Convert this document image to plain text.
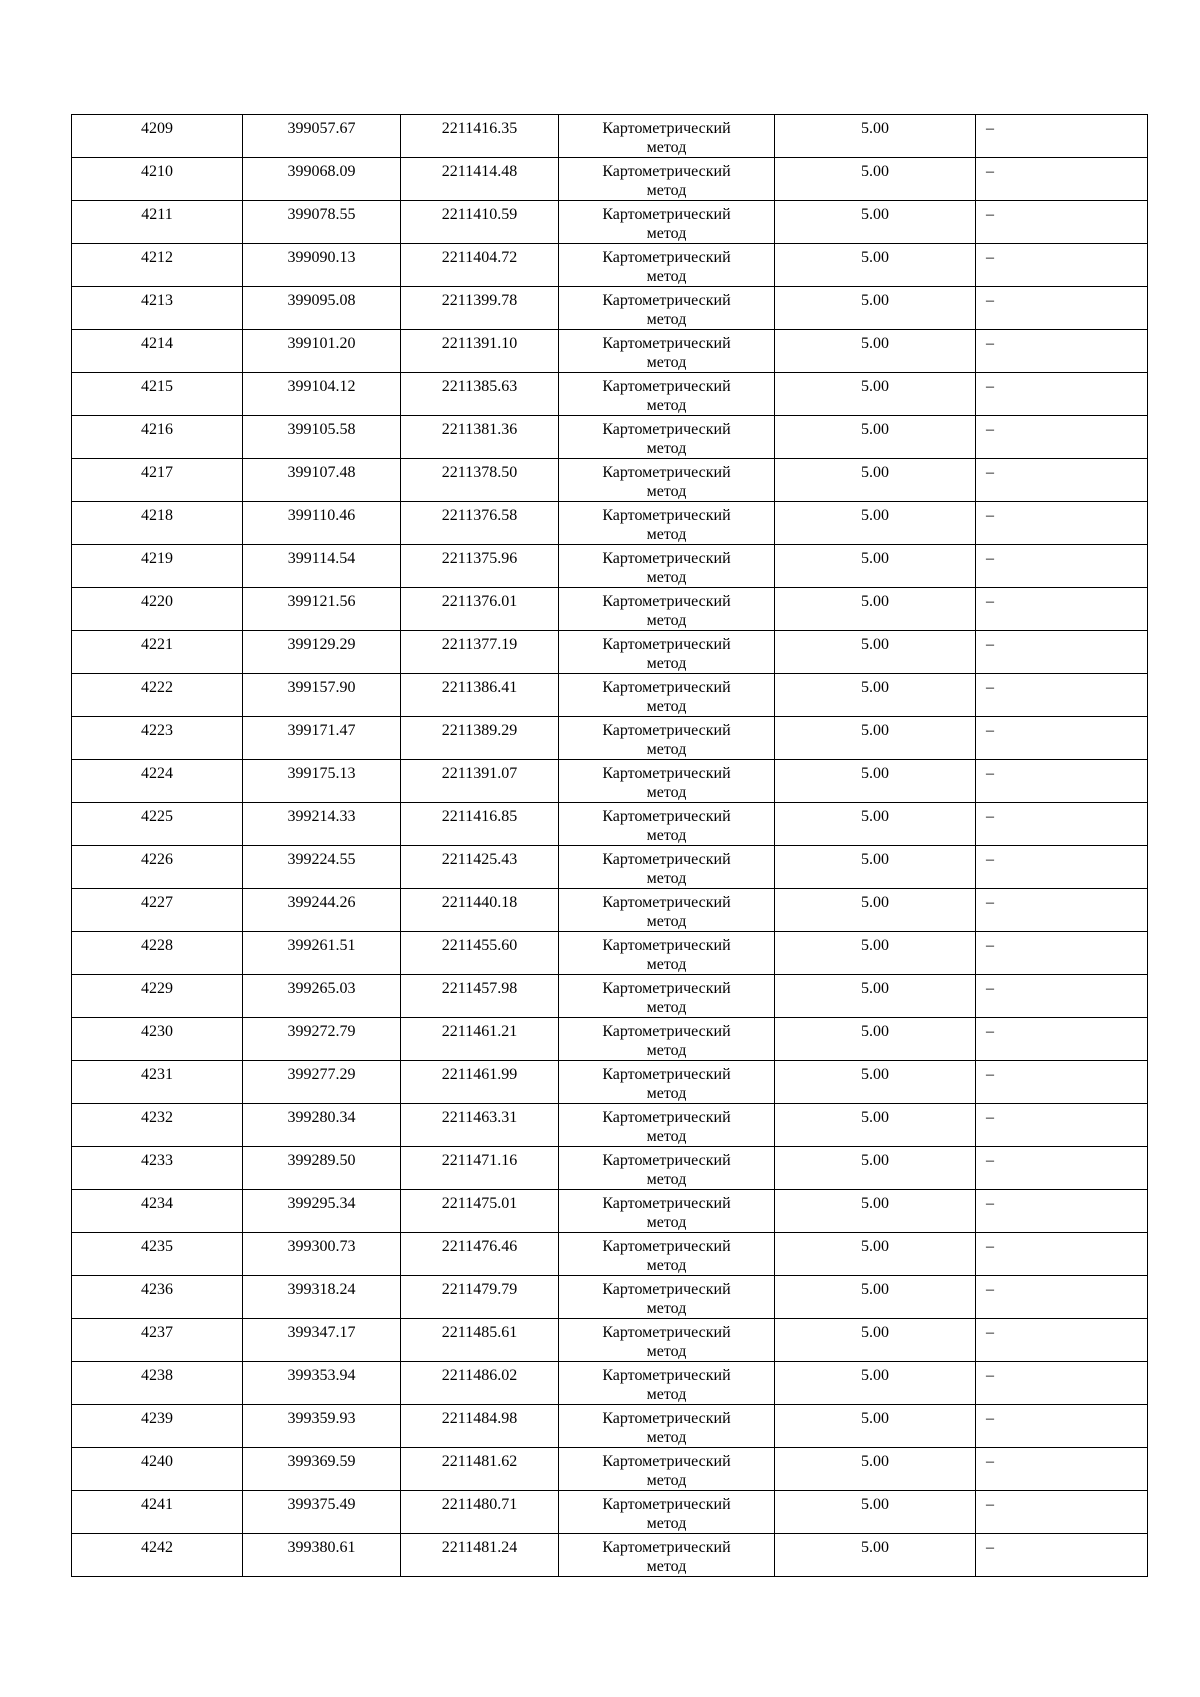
4209	399057.67	2211416.35	Картометрический
метод	5.00	–
4210	399068.09	2211414.48	Картометрический
метод	5.00	–
4211	399078.55	2211410.59	Картометрический
метод	5.00	–
4212	399090.13	2211404.72	Картометрический
метод	5.00	–
4213	399095.08	2211399.78	Картометрический
метод	5.00	–
4214	399101.20	2211391.10	Картометрический
метод	5.00	–
4215	399104.12	2211385.63	Картометрический
метод	5.00	–
4216	399105.58	2211381.36	Картометрический
метод	5.00	–
4217	399107.48	2211378.50	Картометрический
метод	5.00	–
4218	399110.46	2211376.58	Картометрический
метод	5.00	–
4219	399114.54	2211375.96	Картометрический
метод	5.00	–
4220	399121.56	2211376.01	Картометрический
метод	5.00	–
4221	399129.29	2211377.19	Картометрический
метод	5.00	–
4222	399157.90	2211386.41	Картометрический
метод	5.00	–
4223	399171.47	2211389.29	Картометрический
метод	5.00	–
4224	399175.13	2211391.07	Картометрический
метод	5.00	–
4225	399214.33	2211416.85	Картометрический
метод	5.00	–
4226	399224.55	2211425.43	Картометрический
метод	5.00	–
4227	399244.26	2211440.18	Картометрический
метод	5.00	–
4228	399261.51	2211455.60	Картометрический
метод	5.00	–
4229	399265.03	2211457.98	Картометрический
метод	5.00	–
4230	399272.79	2211461.21	Картометрический
метод	5.00	–
4231	399277.29	2211461.99	Картометрический
метод	5.00	–
4232	399280.34	2211463.31	Картометрический
метод	5.00	–
4233	399289.50	2211471.16	Картометрический
метод	5.00	–
4234	399295.34	2211475.01	Картометрический
метод	5.00	–
4235	399300.73	2211476.46	Картометрический
метод	5.00	–
4236	399318.24	2211479.79	Картометрический
метод	5.00	–
4237	399347.17	2211485.61	Картометрический
метод	5.00	–
4238	399353.94	2211486.02	Картометрический
метод	5.00	–
4239	399359.93	2211484.98	Картометрический
метод	5.00	–
4240	399369.59	2211481.62	Картометрический
метод	5.00	–
4241	399375.49	2211480.71	Картометрический
метод	5.00	–
4242	399380.61	2211481.24	Картометрический
метод	5.00	–
